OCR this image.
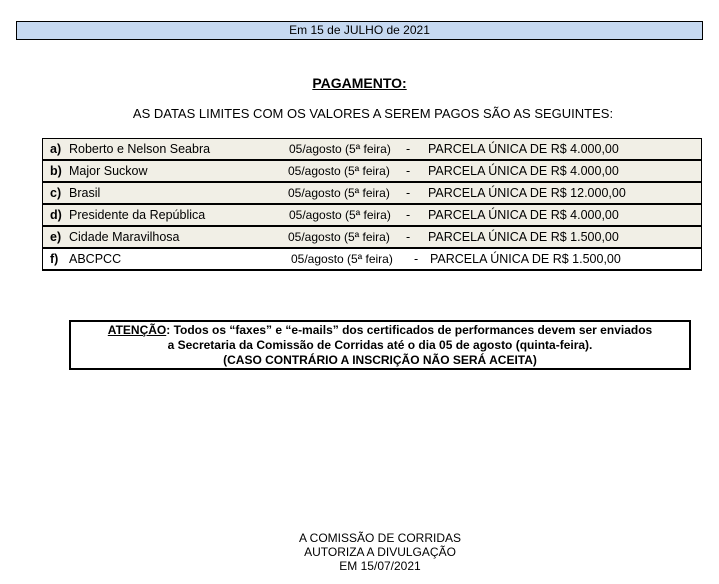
Em 15 de JULHO de 2021
PAGAMENTO:
AS DATAS LIMITES COM OS VALORES A SEREM PAGOS SÃO AS SEGUINTES:
a) Roberto e Nelson Seabra	05/agosto (5ª feira) - PARCELA ÚNICA DE R$ 4.000,00
b) Major Suckow	05/agosto (5ª feira) - PARCELA ÚNICA DE R$ 4.000,00
c) Brasil	05/agosto (5ª feira) - PARCELA ÚNICA DE R$ 12.000,00
d) Presidente da República	05/agosto (5ª feira) - PARCELA ÚNICA DE R$ 4.000,00
e) Cidade Maravilhosa	05/agosto (5ª feira) - PARCELA ÚNICA DE R$ 1.500,00
f) ABCPCC	05/agosto (5ª feira) - PARCELA ÚNICA DE R$ 1.500,00
ATENÇÃO: Todos os “faxes” e “e-mails” dos certificados de performances devem ser enviados
a Secretaria da Comissão de Corridas até o dia 05 de agosto (quinta-feira).
(CASO CONTRÁRIO A INSCRIÇÃO NÃO SERÁ ACEITA)
A COMISSÃO DE CORRIDAS
AUTORIZA A DIVULGAÇÃO
EM 15/07/2021
